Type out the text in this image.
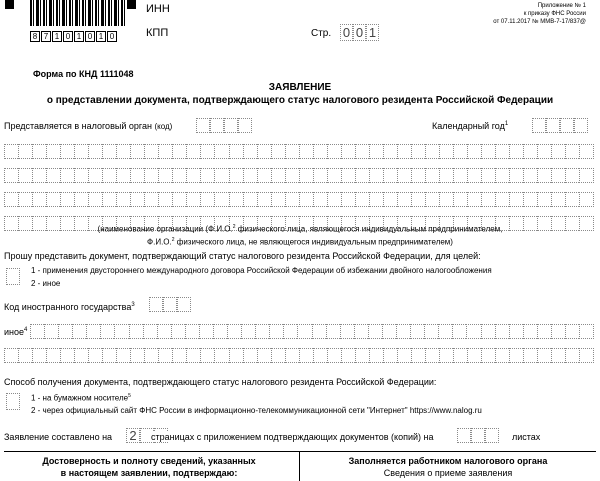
8 7 1 0 1 0 1 0
ИНН
КПП	Стр. 0 0 1
Приложение № 1
к приказу ФНС России
от 07.11.2017 № ММВ-7-17/837@
Форма по КНД 1111048
ЗАЯВЛЕНИЕ
о представлении документа, подтверждающего статус налогового резидента Российской Федерации
Представляется в налоговый орган (код)	Календарный год$^1$
(наименование организации (Ф.И.О.$^2$ физического лица, являющегося индивидуальным предпринимателем,
Ф.И.О.$^2$ физического лица, не являющегося индивидуальным предпринимателем)
Прошу представить документ, подтверждающий статус налогового резидента Российской Федерации, для целей:
1 - применения двустороннего международного договора Российской Федерации об избежании двойного налогообложения
2 - иное
Код иностранного государства$^3$
иное$^4$
Способ получения документа, подтверждающего статус налогового резидента Российской Федерации:
1 - на бумажном носителе$^5$
2 - через официальный сайт ФНС России в информационно-телекоммуникационной сети "Интернет" https://www.nalog.ru
Заявление составлено на 2	страницах с приложением подтверждающих документов (копий) на	листах
Достоверность и полноту сведений, указанных
в настоящем заявлении, подтверждаю:
Заполняется работником налогового органа
Сведения о приеме заявления
